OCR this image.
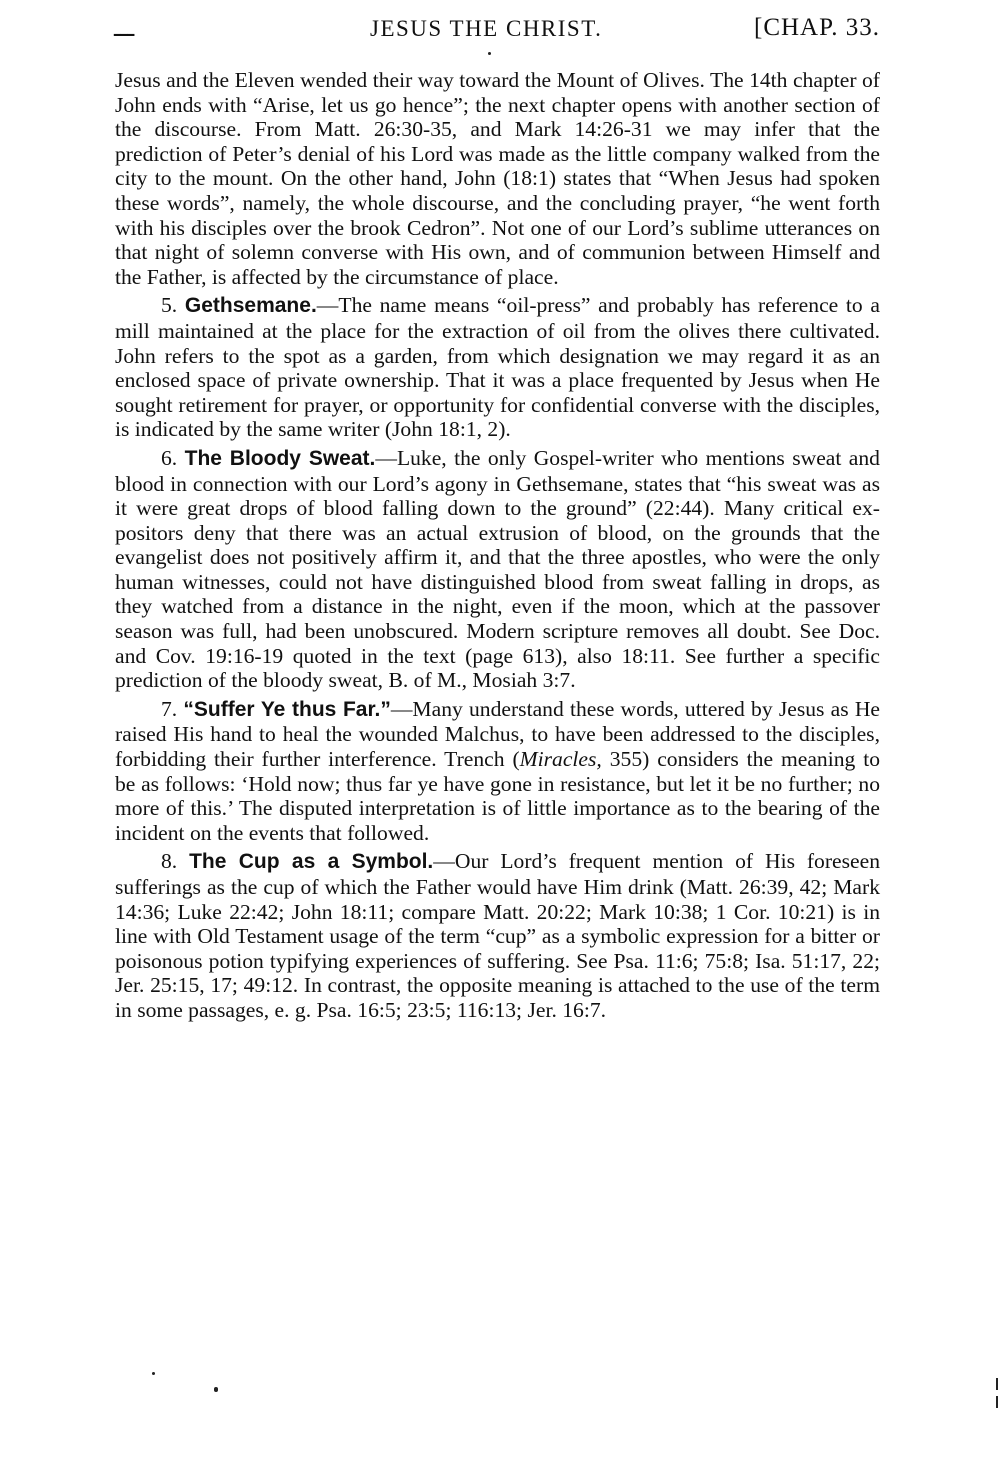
ـــ	JESUS THE CHRIST.	[CHAP. 33.

Jesus and the Eleven wended their way toward the Mount of Olives. The 14th chapter of John ends with “Arise, let us go hence”; the next chapter opens with another section of the discourse. From Matt. 26:30-35, and Mark 14:26-31 we may infer that the prediction of Peter’s denial of his Lord was made as the little company walked from the city to the mount. On the other hand, John (18:1) states that “When Jesus had spoken these words”, namely, the whole discourse, and the concluding prayer, “he went forth with his disciples over the brook Cedron”. Not one of our Lord’s sublime utterances on that night of solemn converse with His own, and of communion between Himself and the Father, is affected by the circumstance of place.

5. Gethsemane.—The name means “oil-press” and probably has reference to a mill maintained at the place for the extraction of oil from the olives there cultivated. John refers to the spot as a garden, from which designation we may regard it as an enclosed space of private ownership. That it was a place frequented by Jesus when He sought retirement for prayer, or opportunity for confidential converse with the disciples, is indicated by the same writer (John 18:1, 2).

6. The Bloody Sweat.—Luke, the only Gospel-writer who mentions sweat and blood in connection with our Lord’s agony in Gethsemane, states that “his sweat was as it were great drops of blood falling down to the ground” (22:44). Many critical expositors deny that there was an actual extrusion of blood, on the grounds that the evangelist does not positively affirm it, and that the three apostles, who were the only human witnesses, could not have distinguished blood from sweat falling in drops, as they watched from a distance in the night, even if the moon, which at the passover season was full, had been unobscured. Modern scripture removes all doubt. See Doc. and Cov. 19:16-19 quoted in the text (page 613), also 18:11. See further a specific prediction of the bloody sweat, B. of M., Mosiah 3:7.

7. “Suffer Ye thus Far.”—Many understand these words, uttered by Jesus as He raised His hand to heal the wounded Malchus, to have been addressed to the disciples, forbidding their further interference. Trench (Miracles, 355) considers the meaning to be as follows: ‘Hold now; thus far ye have gone in resistance, but let it be no further; no more of this.’ The disputed interpretation is of little importance as to the bearing of the incident on the events that followed.

8. The Cup as a Symbol.—Our Lord’s frequent mention of His foreseen sufferings as the cup of which the Father would have Him drink (Matt. 26:39, 42; Mark 14:36; Luke 22:42; John 18:11; compare Matt. 20:22; Mark 10:38; 1 Cor. 10:21) is in line with Old Testament usage of the term “cup” as a symbolic expression for a bitter or poisonous potion typifying experiences of suffering. See Psa. 11:6; 75:8; Isa. 51:17, 22; Jer. 25:15, 17; 49:12. In contrast, the opposite meaning is attached to the use of the term in some passages, e. g. Psa. 16:5; 23:5; 116:13; Jer. 16:7.
